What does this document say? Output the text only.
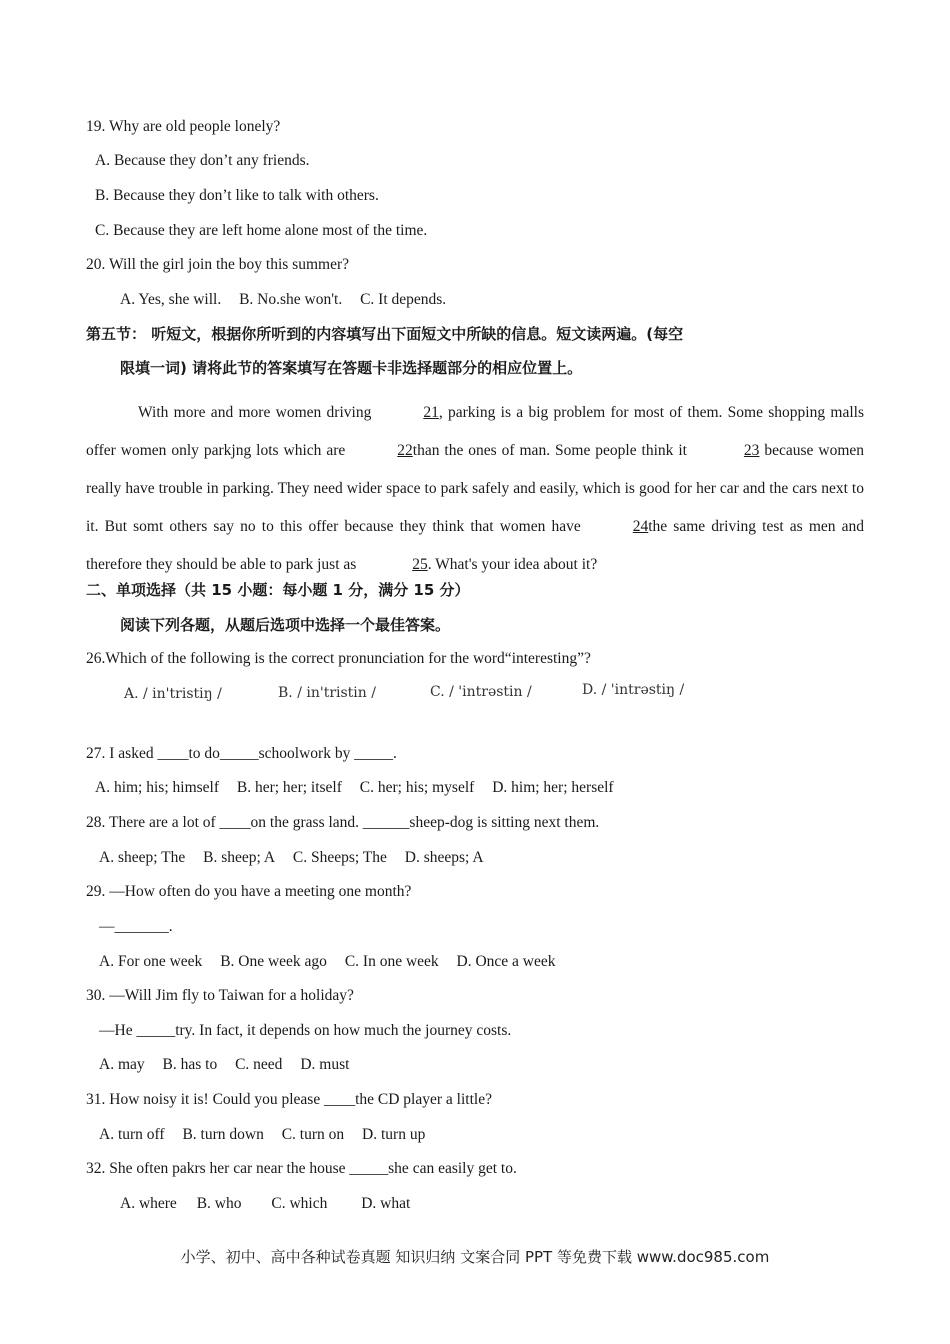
19. Why are old people lonely?
A. Because they don’t any friends.
B. Because they don’t like to talk with others.
C. Because they are left home alone most of the time.
20. Will the girl join the boy this summer?
A. Yes, she will. B. No.she won't. C. It depends.
第五节： 听短文，根据你所听到的内容填写出下面短文中所缺的信息。短文读两遍。(每空
限填一词) 请将此节的答案填写在答题卡非选择题部分的相应位置上。
With more and more women driving	21, parking is a big problem for most of them. Some shopping malls offer women only parkjng lots which are	22than the ones of man. Some people think it	23 because women really have trouble in parking. They need wider space to park safely and easily, which is good for her car and the cars next to it. But somt others say no to this offer because they think that women have	24the same driving test as men and therefore they should be able to park just as	25. What's your idea about it?
二、单项选择（共 15 小题：每小题 1 分，满分 15 分）
阅读下列各题，从题后选项中选择一个最佳答案。
26.Which of the following is the correct pronunciation for the word“interesting”?
A. / in'tristiŋ /	B. / in'tristin /	C. / 'intrəstin /	D. / 'intrəstiŋ /
27. I asked ____to do_____schoolwork by _____.
A. him; his; himself B. her; her; itself C. her; his; myself D. him; her; herself
28. There are a lot of ____on the grass land. ______sheep-dog is sitting next them.
A. sheep; The B. sheep; A C. Sheeps; The D. sheeps; A
29. —How often do you have a meeting one month?
—_______.
A. For one week B. One week ago C. In one week D. Once a week
30. —Will Jim fly to Taiwan for a holiday?
—He _____try. In fact, it depends on how much the journey costs.
A. may B. has to C. need D. must
31. How noisy it is! Could you please ____the CD player a little?
A. turn off B. turn down C. turn on D. turn up
32. She often pakrs her car near the house _____she can easily get to.
A. where B. who C. which D. what
小学、初中、高中各种试卷真题 知识归纳 文案合同 PPT 等免费下载 www.doc985.com
